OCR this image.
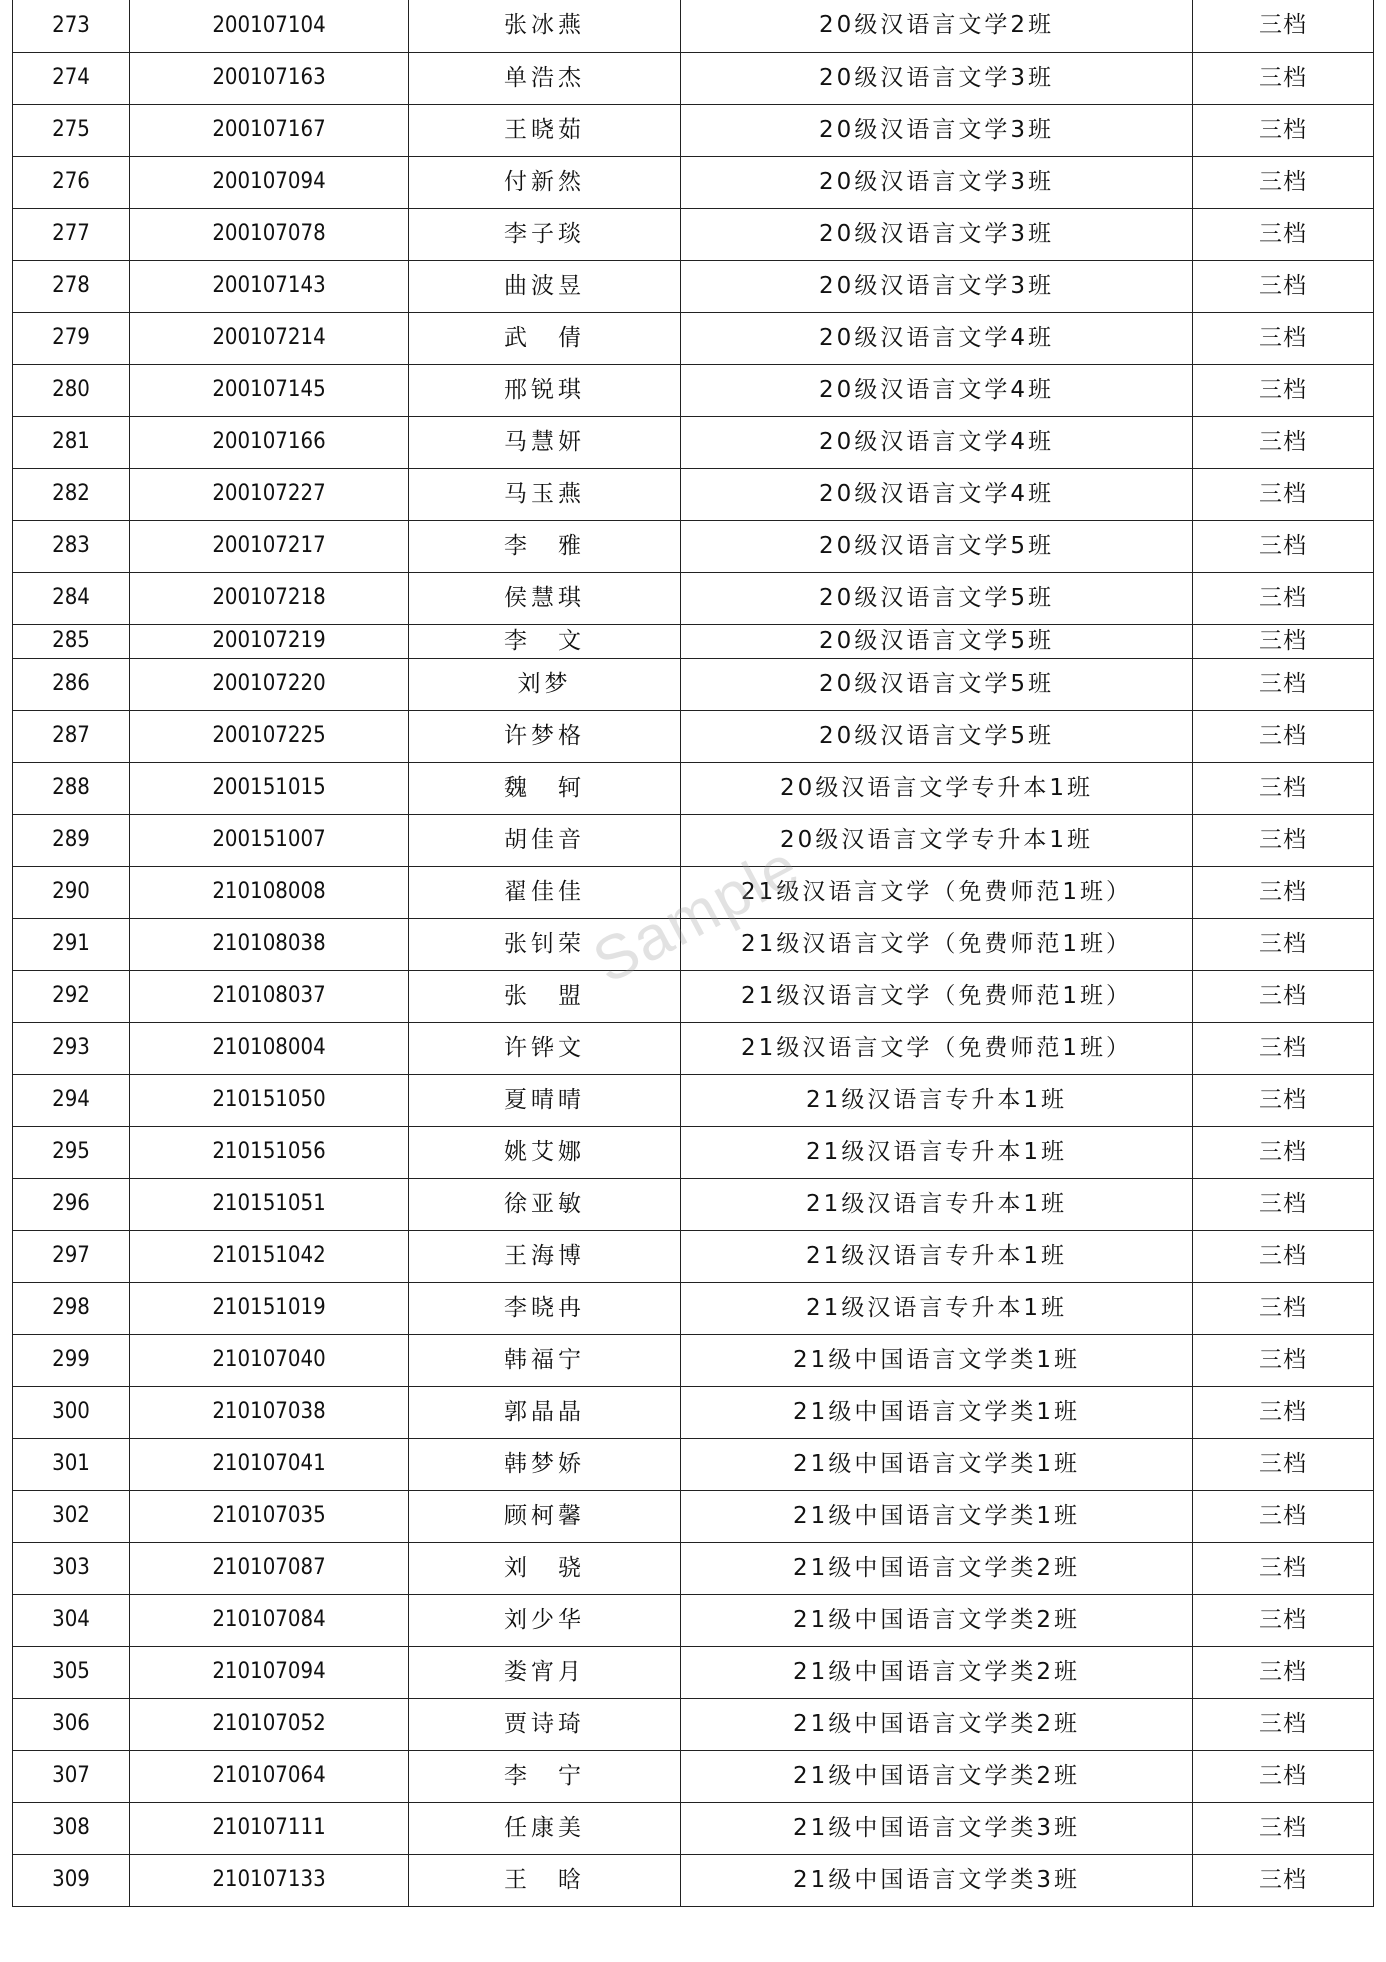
273	200107104	张冰燕	20级汉语言文学2班	三档
274	200107163	单浩杰	20级汉语言文学3班	三档
275	200107167	王晓茹	20级汉语言文学3班	三档
276	200107094	付新然	20级汉语言文学3班	三档
277	200107078	李子琰	20级汉语言文学3班	三档
278	200107143	曲波昱	20级汉语言文学3班	三档
279	200107214	武　倩	20级汉语言文学4班	三档
280	200107145	邢锐琪	20级汉语言文学4班	三档
281	200107166	马慧妍	20级汉语言文学4班	三档
282	200107227	马玉燕	20级汉语言文学4班	三档
283	200107217	李　雅	20级汉语言文学5班	三档
284	200107218	侯慧琪	20级汉语言文学5班	三档
285	200107219	李　文	20级汉语言文学5班	三档
286	200107220	刘梦	20级汉语言文学5班	三档
287	200107225	许梦格	20级汉语言文学5班	三档
288	200151015	魏　轲	20级汉语言文学专升本1班	三档
289	200151007	胡佳音	20级汉语言文学专升本1班	三档
290	210108008	翟佳佳	21级汉语言文学（免费师范1班）	三档
291	210108038	张钊荣	21级汉语言文学（免费师范1班）	三档
292	210108037	张　盟	21级汉语言文学（免费师范1班）	三档
293	210108004	许铧文	21级汉语言文学（免费师范1班）	三档
294	210151050	夏晴晴	21级汉语言专升本1班	三档
295	210151056	姚艾娜	21级汉语言专升本1班	三档
296	210151051	徐亚敏	21级汉语言专升本1班	三档
297	210151042	王海博	21级汉语言专升本1班	三档
298	210151019	李晓冉	21级汉语言专升本1班	三档
299	210107040	韩福宁	21级中国语言文学类1班	三档
300	210107038	郭晶晶	21级中国语言文学类1班	三档
301	210107041	韩梦娇	21级中国语言文学类1班	三档
302	210107035	顾柯馨	21级中国语言文学类1班	三档
303	210107087	刘　骁	21级中国语言文学类2班	三档
304	210107084	刘少华	21级中国语言文学类2班	三档
305	210107094	娄宵月	21级中国语言文学类2班	三档
306	210107052	贾诗琦	21级中国语言文学类2班	三档
307	210107064	李　宁	21级中国语言文学类2班	三档
308	210107111	任康美	21级中国语言文学类3班	三档
309	210107133	王　晗	21级中国语言文学类3班	三档
Sample
